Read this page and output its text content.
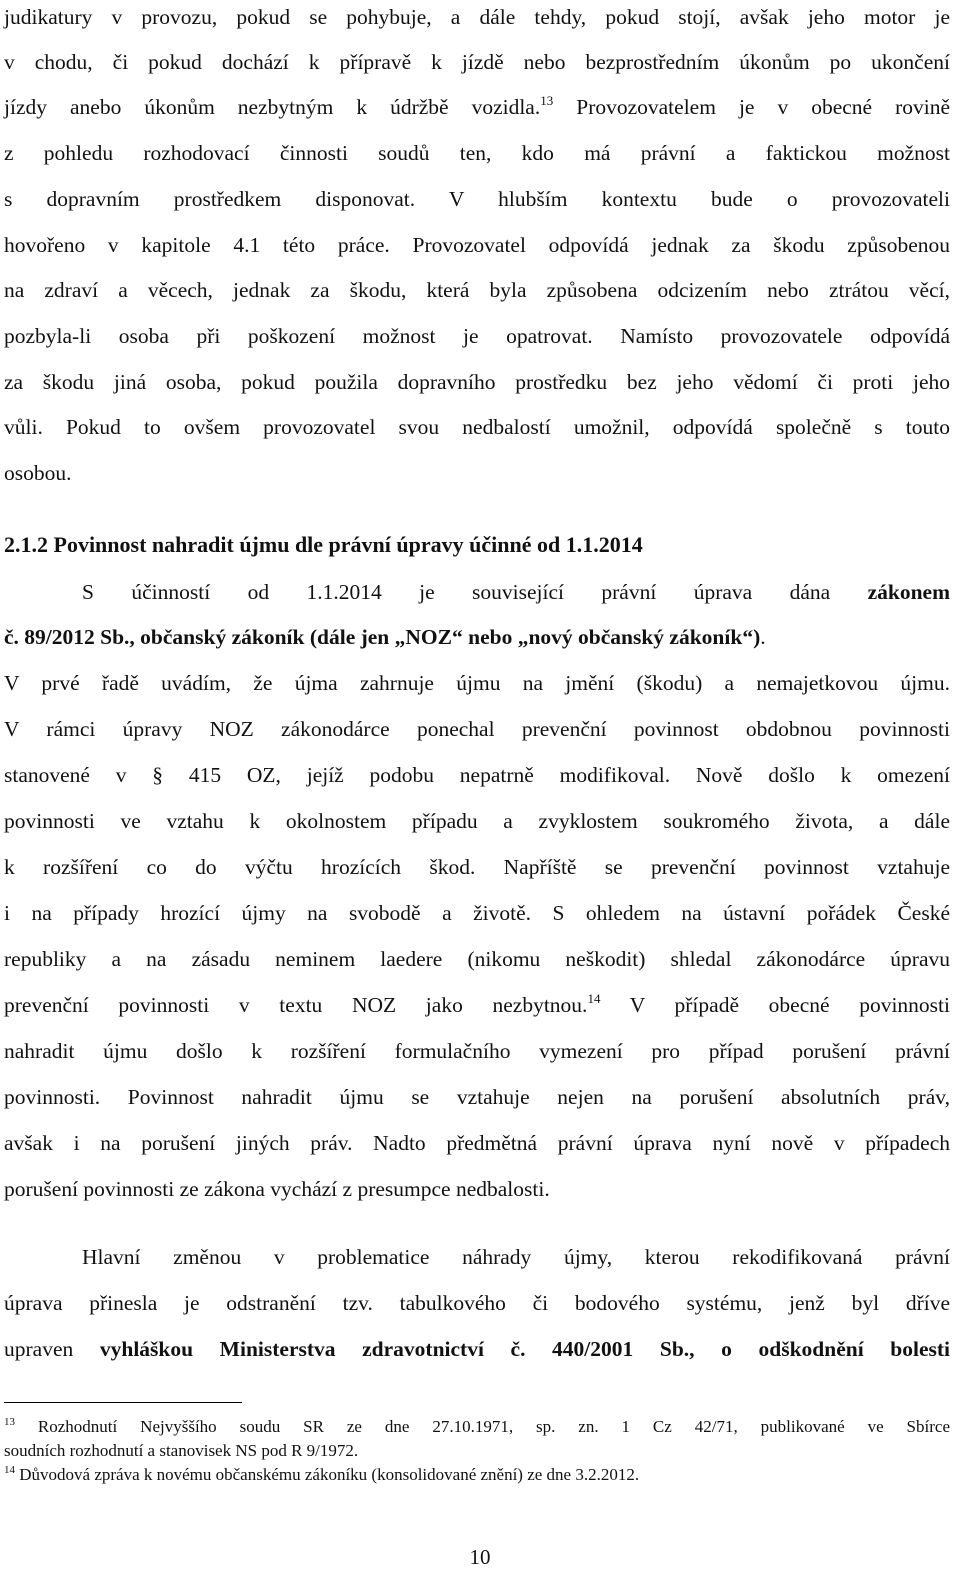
judikatury v provozu, pokud se pohybuje, a dále tehdy, pokud stojí, avšak jeho motor je
v chodu, či pokud dochází k přípravě k jízdě nebo bezprostředním úkonům po ukončení
jízdy anebo úkonům nezbytným k údržbě vozidla.$^{13}$ Provozovatelem je v obecné rovině
z pohledu rozhodovací činnosti soudů ten, kdo má právní a faktickou možnost
s dopravním prostředkem disponovat. V hlubším kontextu bude o provozovateli
hovořeno v kapitole 4.1 této práce. Provozovatel odpovídá jednak za škodu způsobenou
na zdraví a věcech, jednak za škodu, která byla způsobena odcizením nebo ztrátou věcí,
pozbyla-li osoba při poškození možnost je opatrovat. Namísto provozovatele odpovídá
za škodu jiná osoba, pokud použila dopravního prostředku bez jeho vědomí či proti jeho
vůli. Pokud to ovšem provozovatel svou nedbalostí umožnil, odpovídá společně s touto
osobou.
2.1.2 Povinnost nahradit újmu dle právní úpravy účinné od 1.1.2014
S účinností od 1.1.2014 je související právní úprava dána zákonem
č. 89/2012 Sb., občanský zákoník (dále jen „NOZ“ nebo „nový občanský zákoník“).
V prvé řadě uvádím, že újma zahrnuje újmu na jmění (škodu) a nemajetkovou újmu.
V rámci úpravy NOZ zákonodárce ponechal prevenční povinnost obdobnou povinnosti
stanovené v § 415 OZ, jejíž podobu nepatrně modifikoval. Nově došlo k omezení
povinnosti ve vztahu k okolnostem případu a zvyklostem soukromého života, a dále
k rozšíření co do výčtu hrozících škod. Napříště se prevenční povinnost vztahuje
i na případy hrozící újmy na svobodě a životě. S ohledem na ústavní pořádek České
republiky a na zásadu neminem laedere (nikomu neškodit) shledal zákonodárce úpravu
prevenční povinnosti v textu NOZ jako nezbytnou.$^{14}$ V případě obecné povinnosti
nahradit újmu došlo k rozšíření formulačního vymezení pro případ porušení právní
povinnosti. Povinnost nahradit újmu se vztahuje nejen na porušení absolutních práv,
avšak i na porušení jiných práv. Nadto předmětná právní úprava nyní nově v případech
porušení povinnosti ze zákona vychází z presumpce nedbalosti.
Hlavní změnou v problematice náhrady újmy, kterou rekodifikovaná právní
úprava přinesla je odstranění tzv. tabulkového či bodového systému, jenž byl dříve
upraven vyhláškou Ministerstva zdravotnictví č. 440/2001 Sb., o odškodnění bolesti
$^{13}$ Rozhodnutí Nejvyššího soudu SR ze dne 27.10.1971, sp. zn. 1 Cz 42/71, publikované ve Sbírce
soudních rozhodnutí a stanovisek NS pod R 9/1972.
$^{14}$ Důvodová zpráva k novému občanskému zákoníku (konsolidované znění) ze dne 3.2.2012.
10
